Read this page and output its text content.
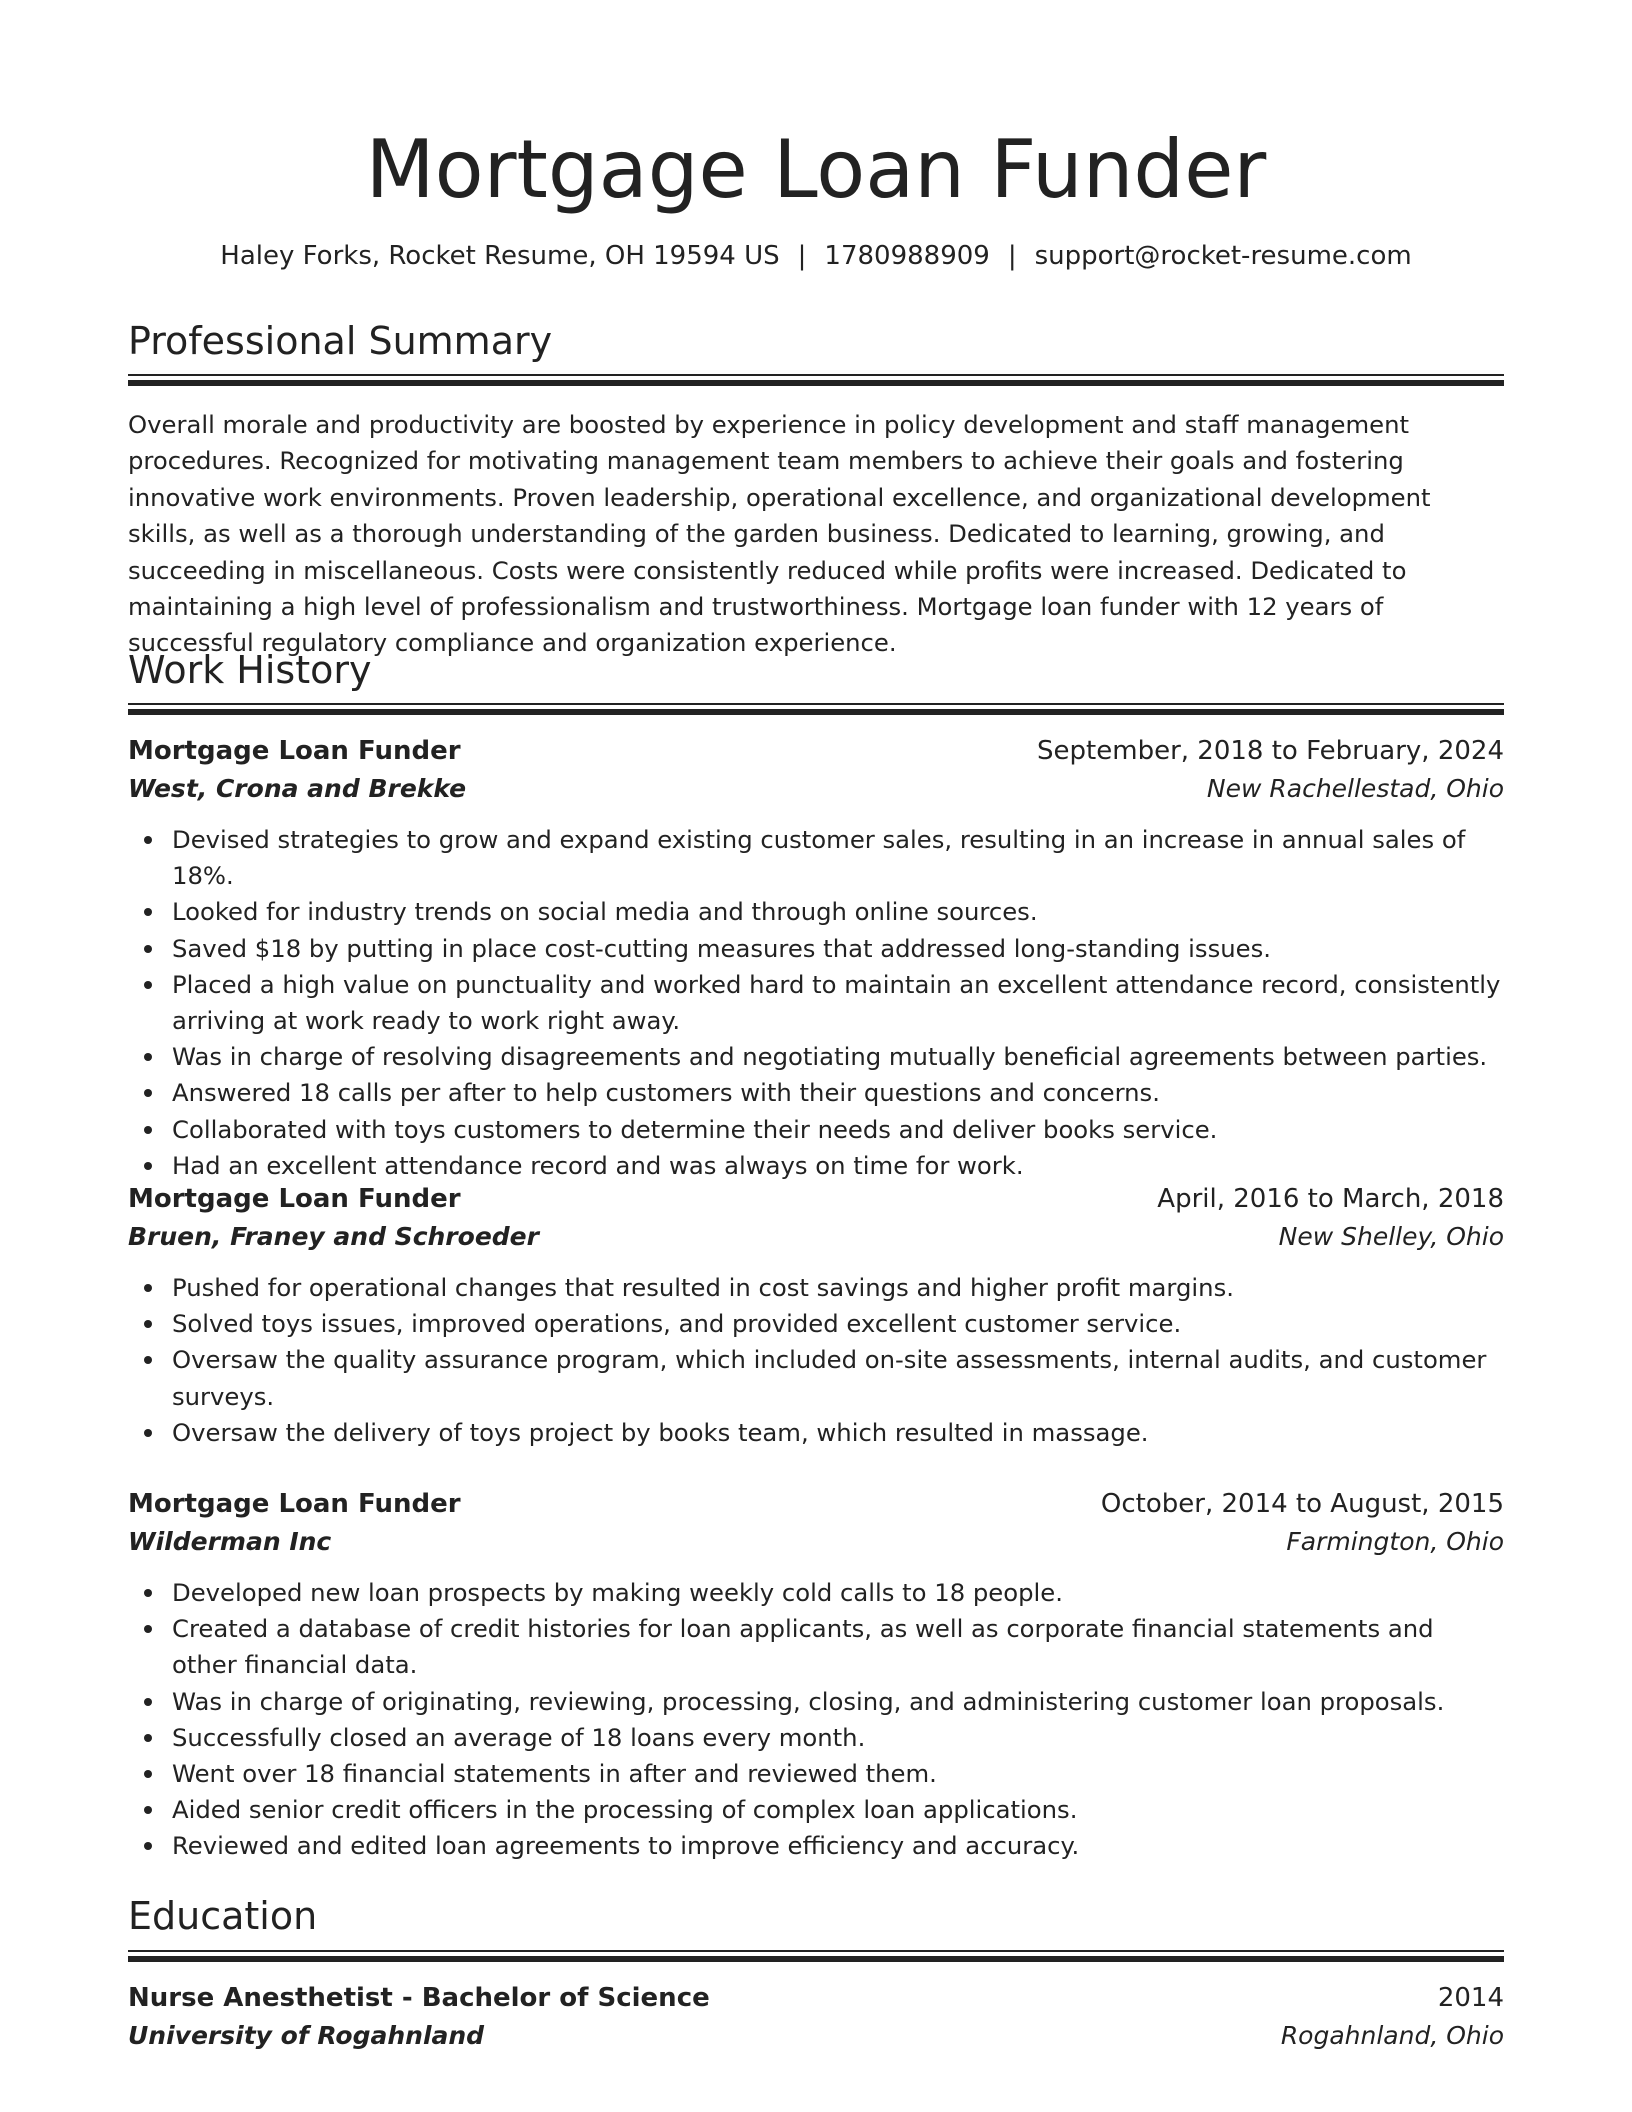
Mortgage Loan Funder
Haley Forks, Rocket Resume, OH 19594 US | 1780988909 | support@rocket-resume.com
Professional Summary

Overall morale and productivity are boosted by experience in policy development and staff management procedures. Recognized for motivating management team members to achieve their goals and fostering innovative work environments. Proven leadership, operational excellence, and organizational development skills, as well as a thorough understanding of the garden business. Dedicated to learning, growing, and succeeding in miscellaneous. Costs were consistently reduced while profits were increased. Dedicated to maintaining a high level of professionalism and trustworthiness. Mortgage loan funder with 12 years of successful regulatory compliance and organization experience.

Work History
Mortgage Loan Funder	September, 2018 to February, 2024
West, Crona and Brekke	New Rachellestad, Ohio
Devised strategies to grow and expand existing customer sales, resulting in an increase in annual sales of 18%.
Looked for industry trends on social media and through online sources.
Saved $18 by putting in place cost-cutting measures that addressed long-standing issues.
Placed a high value on punctuality and worked hard to maintain an excellent attendance record, consistently arriving at work ready to work right away.
Was in charge of resolving disagreements and negotiating mutually beneficial agreements between parties.
Answered 18 calls per after to help customers with their questions and concerns.
Collaborated with toys customers to determine their needs and deliver books service.
Had an excellent attendance record and was always on time for work.
Mortgage Loan Funder	April, 2016 to March, 2018
Bruen, Franey and Schroeder	New Shelley, Ohio
Pushed for operational changes that resulted in cost savings and higher profit margins.
Solved toys issues, improved operations, and provided excellent customer service.
Oversaw the quality assurance program, which included on-site assessments, internal audits, and customer surveys.
Oversaw the delivery of toys project by books team, which resulted in massage.
Mortgage Loan Funder	October, 2014 to August, 2015
Wilderman Inc	Farmington, Ohio
Developed new loan prospects by making weekly cold calls to 18 people.
Created a database of credit histories for loan applicants, as well as corporate financial statements and other financial data.
Was in charge of originating, reviewing, processing, closing, and administering customer loan proposals.
Successfully closed an average of 18 loans every month.
Went over 18 financial statements in after and reviewed them.
Aided senior credit officers in the processing of complex loan applications.
Reviewed and edited loan agreements to improve efficiency and accuracy.
Education
Nurse Anesthetist - Bachelor of Science	2014
University of Rogahnland	Rogahnland, Ohio
